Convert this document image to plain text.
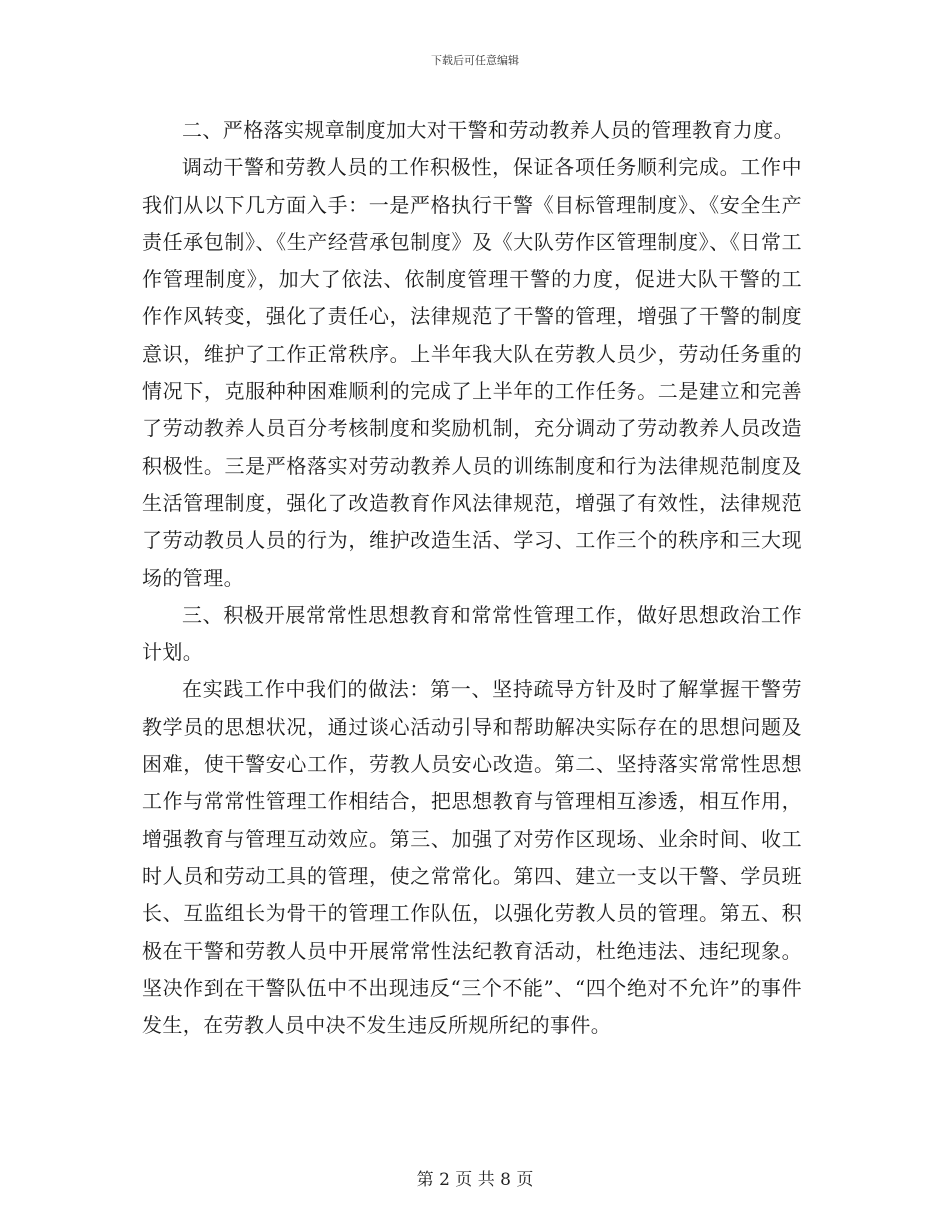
下载后可任意编辑

二、严格落实规章制度加大对干警和劳动教养人员的管理教育力度。

调动干警和劳教人员的工作积极性，保证各项任务顺利完成。工作中我们从以下几方面入手：一是严格执行干警《目标管理制度》、《安全生产责任承包制》、《生产经营承包制度》及《大队劳作区管理制度》、《日常工作管理制度》，加大了依法、依制度管理干警的力度，促进大队干警的工作作风转变，强化了责任心，法律规范了干警的管理，增强了干警的制度意识，维护了工作正常秩序。上半年我大队在劳教人员少，劳动任务重的情况下，克服种种困难顺利的完成了上半年的工作任务。二是建立和完善了劳动教养人员百分考核制度和奖励机制，充分调动了劳动教养人员改造积极性。三是严格落实对劳动教养人员的训练制度和行为法律规范制度及生活管理制度，强化了改造教育作风法律规范，增强了有效性，法律规范了劳动教员人员的行为，维护改造生活、学习、工作三个的秩序和三大现场的管理。

三、积极开展常常性思想教育和常常性管理工作，做好思想政治工作计划。

在实践工作中我们的做法：第一、坚持疏导方针及时了解掌握干警劳教学员的思想状况，通过谈心活动引导和帮助解决实际存在的思想问题及困难，使干警安心工作，劳教人员安心改造。第二、坚持落实常常性思想工作与常常性管理工作相结合，把思想教育与管理相互渗透，相互作用，增强教育与管理互动效应。第三、加强了对劳作区现场、业余时间、收工时人员和劳动工具的管理，使之常常化。第四、建立一支以干警、学员班长、互监组长为骨干的管理工作队伍，以强化劳教人员的管理。第五、积极在干警和劳教人员中开展常常性法纪教育活动，杜绝违法、违纪现象。坚决作到在干警队伍中不出现违反“三个不能”、“四个绝对不允许”的事件发生，在劳教人员中决不发生违反所规所纪的事件。

第 2 页 共 8 页
